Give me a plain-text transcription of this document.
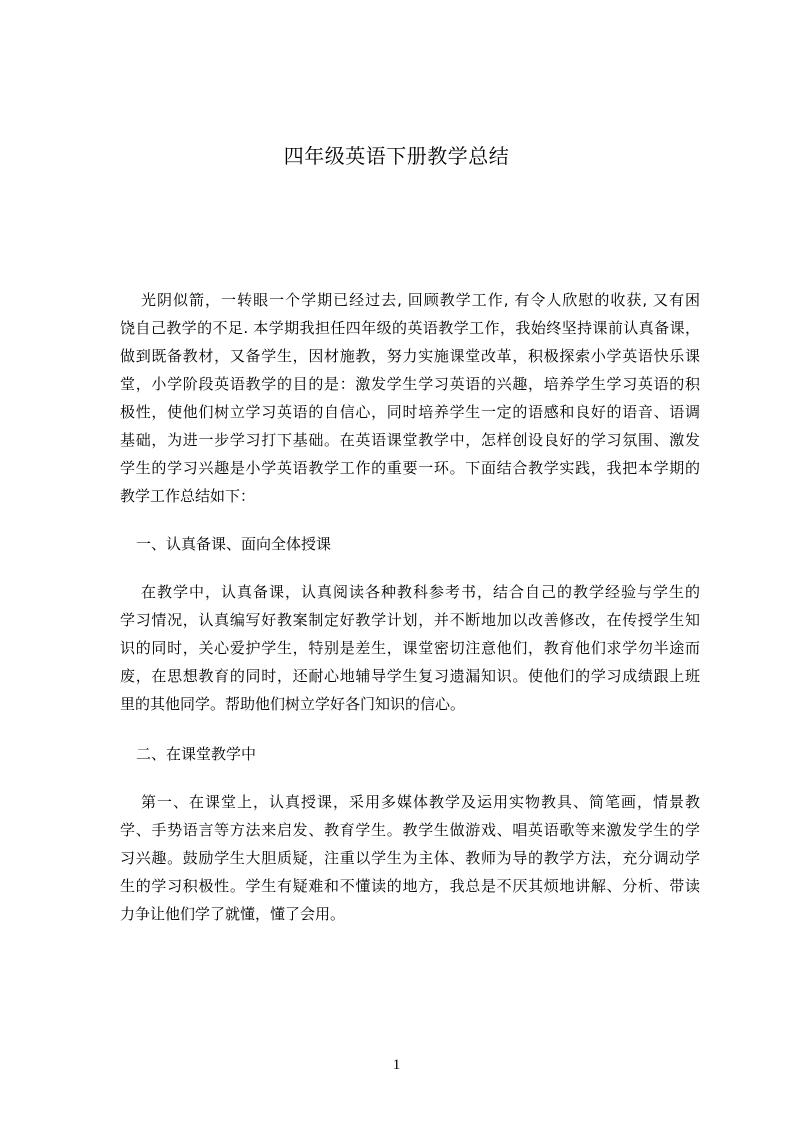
四年级英语下册教学总结
光阴似箭，一转眼一个学期已经过去, 回顾教学工作, 有令人欣慰的收获, 又有困
饶自己教学的不足. 本学期我担任四年级的英语教学工作，我始终坚持课前认真备课，
做到既备教材，又备学生，因材施教，努力实施课堂改革，积极探索小学英语快乐课
堂，小学阶段英语教学的目的是：激发学生学习英语的兴趣，培养学生学习英语的积
极性，使他们树立学习英语的自信心，同时培养学生一定的语感和良好的语音、语调
基础，为进一步学习打下基础。在英语课堂教学中，怎样创设良好的学习氛围、激发
学生的学习兴趣是小学英语教学工作的重要一环。下面结合教学实践，我把本学期的
教学工作总结如下：
一、认真备课、面向全体授课
在教学中，认真备课，认真阅读各种教科参考书，结合自己的教学经验与学生的
学习情况，认真编写好教案制定好教学计划，并不断地加以改善修改，在传授学生知
识的同时，关心爱护学生，特别是差生，课堂密切注意他们，教育他们求学勿半途而
废，在思想教育的同时，还耐心地辅导学生复习遗漏知识。使他们的学习成绩跟上班
里的其他同学。帮助他们树立学好各门知识的信心。
二、在课堂教学中
第一、在课堂上，认真授课，采用多媒体教学及运用实物教具、简笔画，情景教
学、手势语言等方法来启发、教育学生。教学生做游戏、唱英语歌等来激发学生的学
习兴趣。鼓励学生大胆质疑，注重以学生为主体、教师为导的教学方法，充分调动学
生的学习积极性。学生有疑难和不懂读的地方，我总是不厌其烦地讲解、分析、带读
力争让他们学了就懂，懂了会用。
1
